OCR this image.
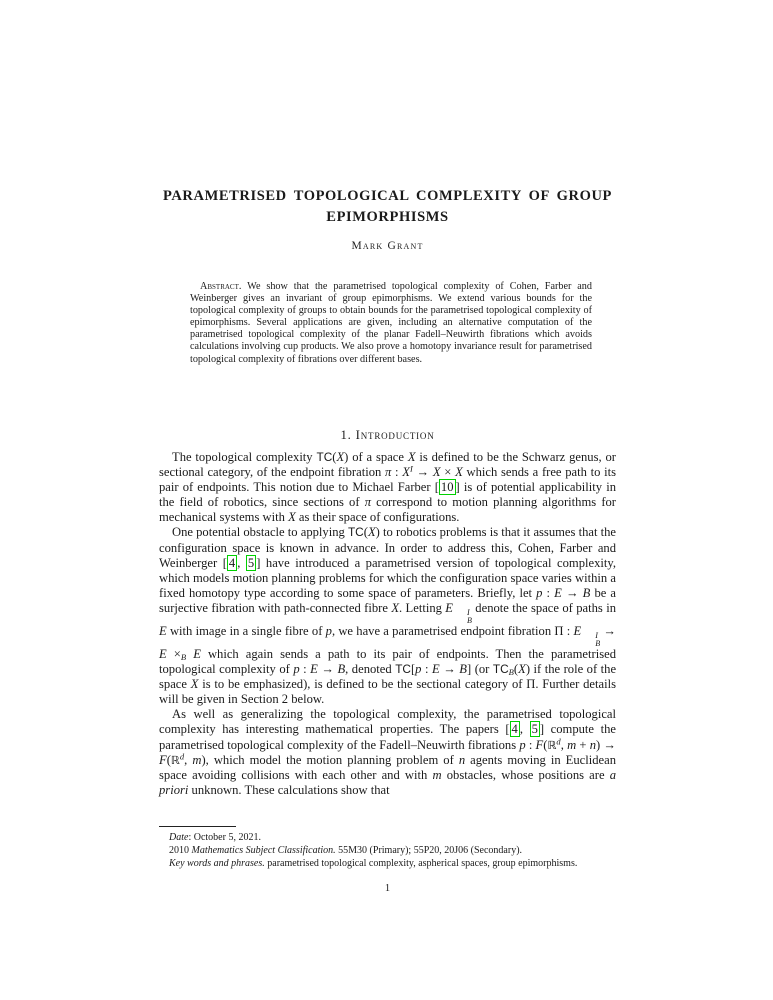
PARAMETRISED TOPOLOGICAL COMPLEXITY OF GROUP
EPIMORPHISMS
Mark Grant

Abstract. We show that the parametrised topological complexity of Cohen, Farber and Weinberger gives an invariant of group epimorphisms. We extend various bounds for the topological complexity of groups to obtain bounds for the parametrised topological complexity of epimorphisms. Several applications are given, including an alternative computation of the parametrised topological complexity of the planar Fadell–Neuwirth fibrations which avoids calculations involving cup products. We also prove a homotopy invariance result for parametrised topological complexity of fibrations over different bases.

1. Introduction

The topological complexity TC(X) of a space X is defined to be the Schwarz genus, or sectional category, of the endpoint fibration π : $X^I \to X \times X$ which sends a free path to its pair of endpoints. This notion due to Michael Farber [ 10 ] is of potential applicability in the field of robotics, since sections of π correspond to motion planning algorithms for mechanical systems with X as their space of configurations.

One potential obstacle to applying TC(X) to robotics problems is that it assumes that the configuration space is known in advance. In order to address this, Cohen, Farber and Weinberger [ 4 , 5 ] have introduced a parametrised version of topological complexity, which models motion planning problems for which the configuration space varies within a fixed homotopy type according to some space of parameters. Briefly, let p : E → B be a surjective fibration with path-connected fibre X. Letting E	I
B
denote the space of paths in E with image in a single fibre of p, we have a parametrised endpoint fibration Π : E	I
B
→ E ×B E which again sends a path to its pair of endpoints. Then the parametrised topological complexity of p : E → B, denoted TC[p : E → B] (or TCB(X) if the role of the space X is to be emphasized), is defined to be the sectional category of Π. Further details will be given in Section 2 below.

As well as generalizing the topological complexity, the parametrised topological complexity has interesting mathematical properties. The papers [ 4 , 5 ] compute the parametrised topological complexity of the Fadell–Neuwirth fibrations p : F(ℝ$^d$, m + n) → F(ℝ$^d$, m), which model the motion planning problem of n agents moving in Euclidean space avoiding collisions with each other and with m obstacles, whose positions are a priori unknown. These calculations show that

Date: October 5, 2021.

2010 Mathematics Subject Classification. 55M30 (Primary); 55P20, 20J06 (Secondary).

Key words and phrases. parametrised topological complexity, aspherical spaces, group epimorphisms.

1
